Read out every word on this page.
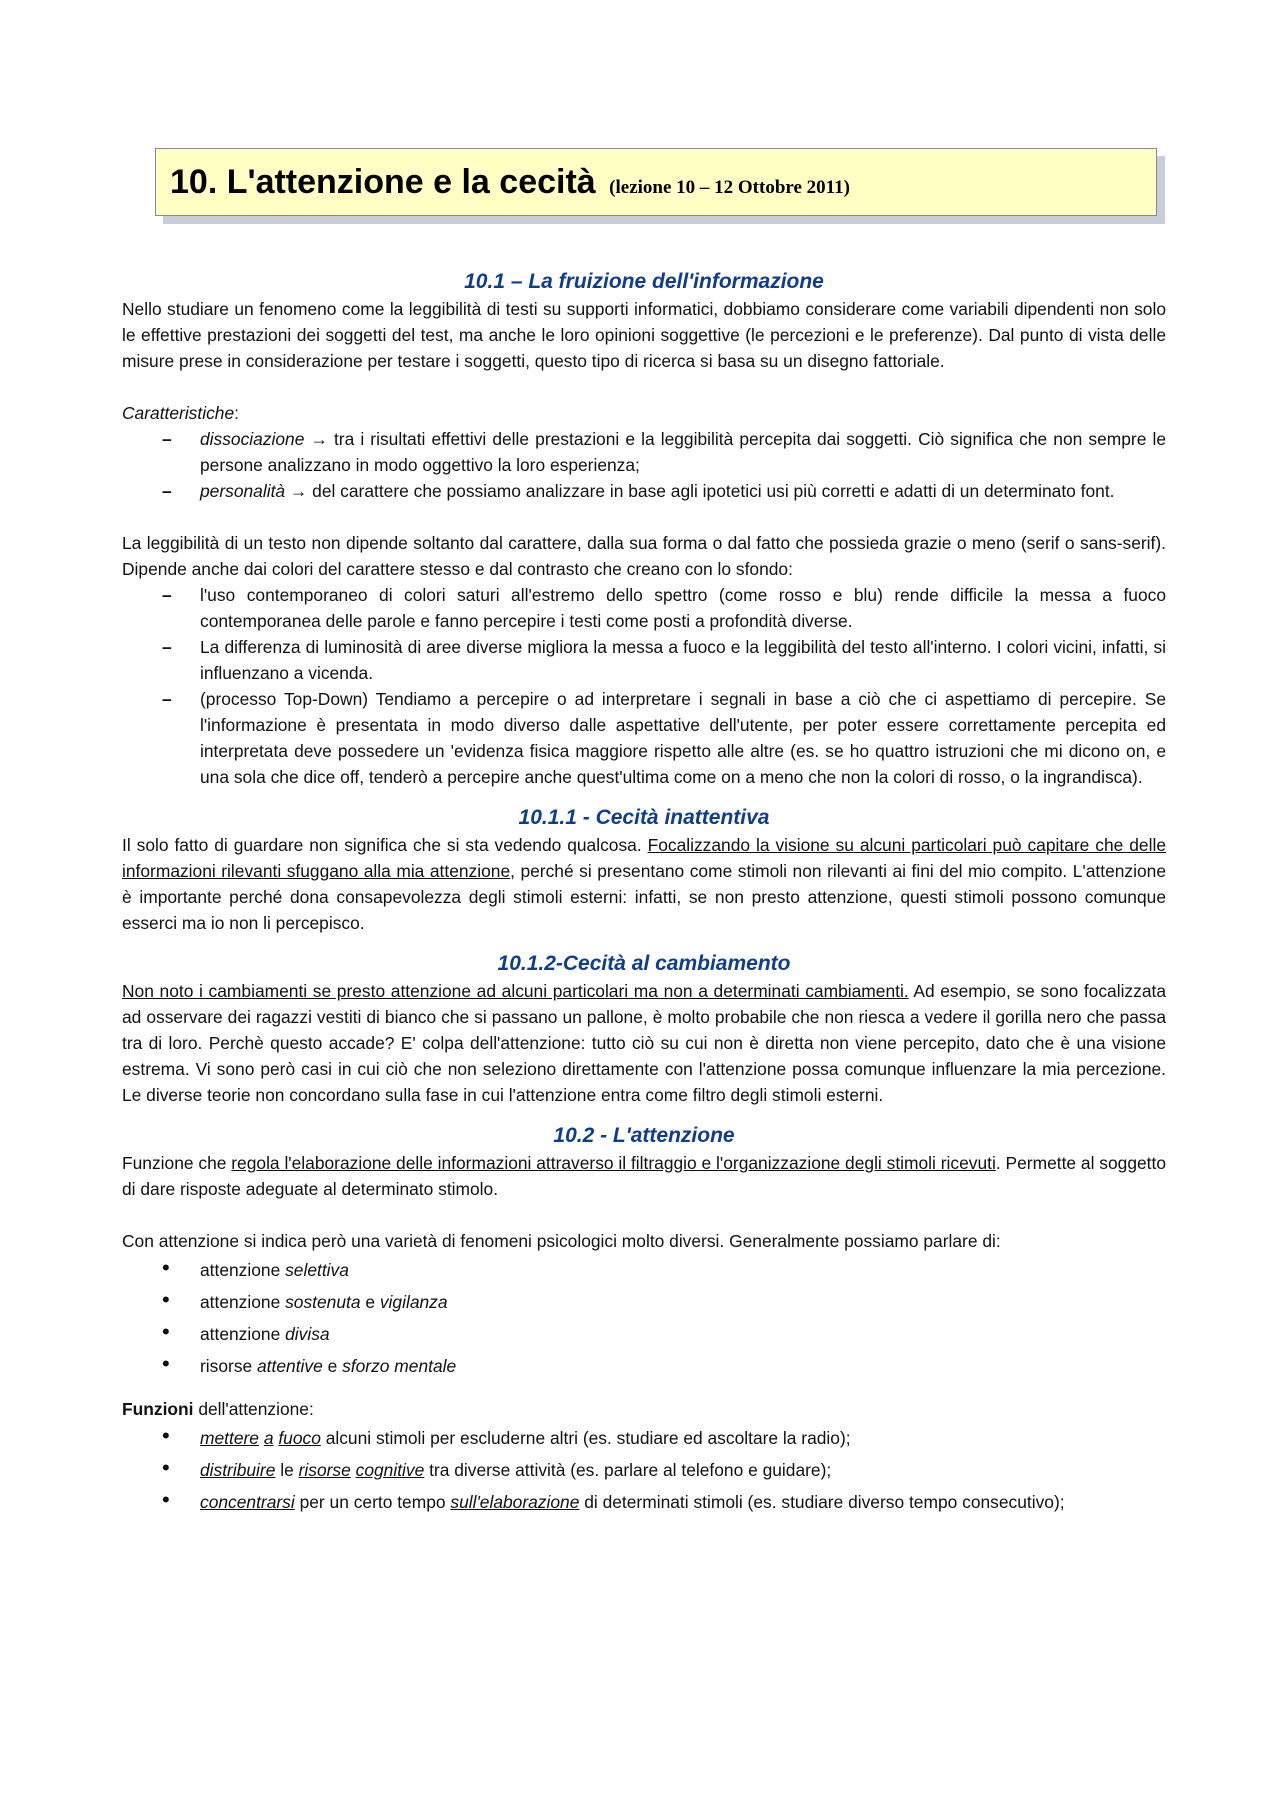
10. L'attenzione e la cecità (lezione 10 – 12 Ottobre 2011)
10.1 – La fruizione dell'informazione

Nello studiare un fenomeno come la leggibilità di testi su supporti informatici, dobbiamo considerare come variabili dipendenti non solo le effettive prestazioni dei soggetti del test, ma anche le loro opinioni soggettive (le percezioni e le preferenze). Dal punto di vista delle misure prese in considerazione per testare i soggetti, questo tipo di ricerca si basa su un disegno fattoriale.

Caratteristiche:

– dissociazione → tra i risultati effettivi delle prestazioni e la leggibilità percepita dai soggetti. Ciò significa che non sempre le persone analizzano in modo oggettivo la loro esperienza;
– personalità → del carattere che possiamo analizzare in base agli ipotetici usi più corretti e adatti di un determinato font.

La leggibilità di un testo non dipende soltanto dal carattere, dalla sua forma o dal fatto che possieda grazie o meno (serif o sans-serif). Dipende anche dai colori del carattere stesso e dal contrasto che creano con lo sfondo:

– l'uso contemporaneo di colori saturi all'estremo dello spettro (come rosso e blu) rende difficile la messa a fuoco contemporanea delle parole e fanno percepire i testi come posti a profondità diverse.
– La differenza di luminosità di aree diverse migliora la messa a fuoco e la leggibilità del testo all'interno. I colori vicini, infatti, si influenzano a vicenda.
– (processo Top-Down) Tendiamo a percepire o ad interpretare i segnali in base a ciò che ci aspettiamo di percepire. Se l'informazione è presentata in modo diverso dalle aspettative dell'utente, per poter essere correttamente percepita ed interpretata deve possedere un 'evidenza fisica maggiore rispetto alle altre (es. se ho quattro istruzioni che mi dicono on, e una sola che dice off, tenderò a percepire anche quest'ultima come on a meno che non la colori di rosso, o la ingrandisca).
10.1.1 - Cecità inattentiva

Il solo fatto di guardare non significa che si sta vedendo qualcosa. Focalizzando la visione su alcuni particolari può capitare che delle informazioni rilevanti sfuggano alla mia attenzione, perché si presentano come stimoli non rilevanti ai fini del mio compito. L'attenzione è importante perché dona consapevolezza degli stimoli esterni: infatti, se non presto attenzione, questi stimoli possono comunque esserci ma io non li percepisco.

10.1.2-Cecità al cambiamento

Non noto i cambiamenti se presto attenzione ad alcuni particolari ma non a determinati cambiamenti. Ad esempio, se sono focalizzata ad osservare dei ragazzi vestiti di bianco che si passano un pallone, è molto probabile che non riesca a vedere il gorilla nero che passa tra di loro. Perchè questo accade? E' colpa dell'attenzione: tutto ciò su cui non è diretta non viene percepito, dato che è una visione estrema. Vi sono però casi in cui ciò che non seleziono direttamente con l'attenzione possa comunque influenzare la mia percezione. Le diverse teorie non concordano sulla fase in cui l'attenzione entra come filtro degli stimoli esterni.

10.2 - L'attenzione

Funzione che regola l'elaborazione delle informazioni attraverso il filtraggio e l'organizzazione degli stimoli ricevuti. Permette al soggetto di dare risposte adeguate al determinato stimolo.

Con attenzione si indica però una varietà di fenomeni psicologici molto diversi. Generalmente possiamo parlare di:

• attenzione selettiva
• attenzione sostenuta e vigilanza
• attenzione divisa
• risorse attentive e sforzo mentale

Funzioni dell'attenzione:

• mettere a fuoco alcuni stimoli per escluderne altri (es. studiare ed ascoltare la radio);
• distribuire le risorse cognitive tra diverse attività (es. parlare al telefono e guidare);
• concentrarsi per un certo tempo sull'elaborazione di determinati stimoli (es. studiare diverso tempo consecutivo);
